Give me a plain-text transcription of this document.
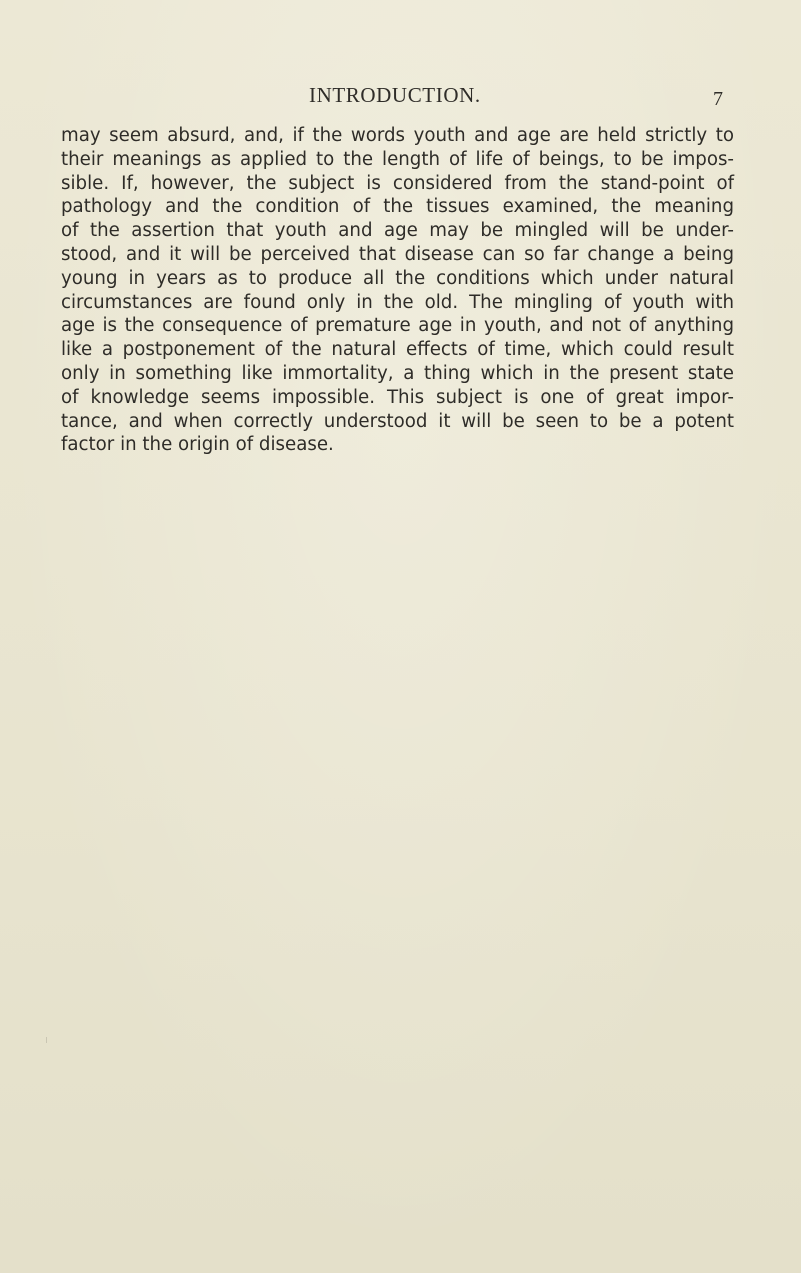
INTRODUCTION.	7
may seem absurd, and, if the words youth and age are held strictly to
their meanings as applied to the length of life of beings, to be impos-
sible. If, however, the subject is considered from the stand-point of
pathology and the condition of the tissues examined, the meaning
of the assertion that youth and age may be mingled will be under-
stood, and it will be perceived that disease can so far change a being
young in years as to produce all the conditions which under natural
circumstances are found only in the old. The mingling of youth with
age is the consequence of premature age in youth, and not of anything
like a postponement of the natural effects of time, which could result
only in something like immortality, a thing which in the present state
of knowledge seems impossible. This subject is one of great impor-
tance, and when correctly understood it will be seen to be a potent
factor in the origin of disease.
